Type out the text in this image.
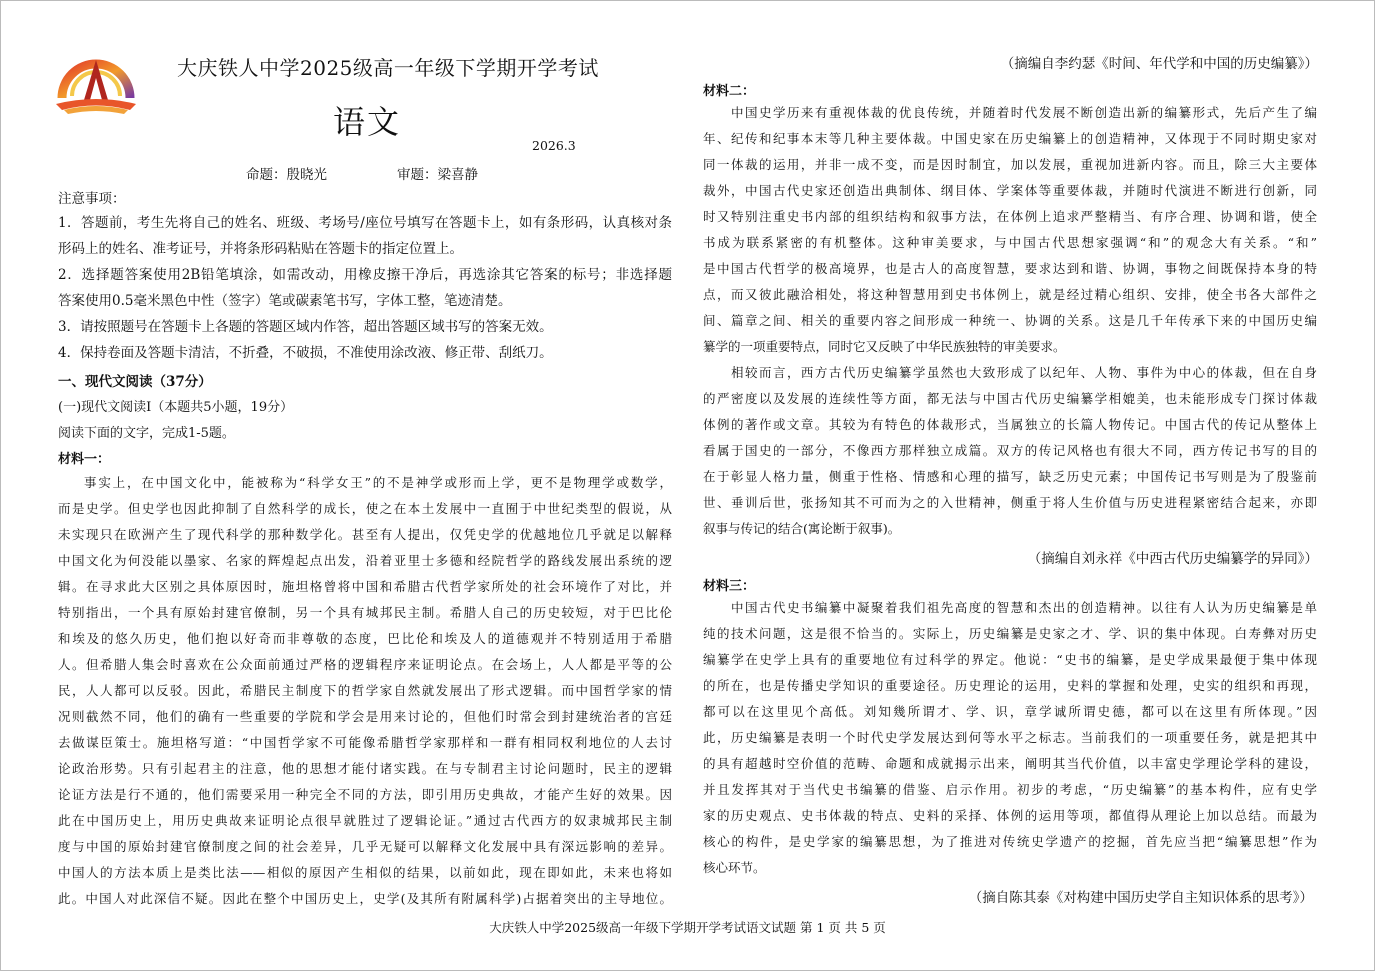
大庆铁人中学2025级高一年级下学期开学考试
语文
2026.3
命题：殷晓光	审题：梁喜静
注意事项：
1．答题前，考生先将自己的姓名、班级、考场号/座位号填写在答题卡上，如有条形码，认真核对条
形码上的姓名、准考证号，并将条形码粘贴在答题卡的指定位置上。
2．选择题答案使用2B铅笔填涂，如需改动，用橡皮擦干净后，再选涂其它答案的标号；非选择题
答案使用0.5毫米黑色中性（签字）笔或碳素笔书写，字体工整，笔迹清楚。
3．请按照题号在答题卡上各题的答题区域内作答，超出答题区域书写的答案无效。
4．保持卷面及答题卡清洁，不折叠，不破损，不准使用涂改液、修正带、刮纸刀。
一、现代文阅读（37分）
(一)现代文阅读Ⅰ（本题共5小题，19分）
阅读下面的文字，完成1-5题。
材料一：
事实上，在中国文化中，能被称为“科学女王”的不是神学或形而上学，更不是物理学或数学，
而是史学。但史学也因此抑制了自然科学的成长，使之在本土发展中一直囿于中世纪类型的假说，从
未实现只在欧洲产生了现代科学的那种数学化。甚至有人提出，仅凭史学的优越地位几乎就足以解释
中国文化为何没能以墨家、名家的辉煌起点出发，沿着亚里士多德和经院哲学的路线发展出系统的逻
辑。在寻求此大区别之具体原因时，施坦格曾将中国和希腊古代哲学家所处的社会环境作了对比，并
特别指出，一个具有原始封建官僚制，另一个具有城邦民主制。希腊人自己的历史较短，对于巴比伦
和埃及的悠久历史，他们抱以好奇而非尊敬的态度，巴比伦和埃及人的道德观并不特别适用于希腊
人。但希腊人集会时喜欢在公众面前通过严格的逻辑程序来证明论点。在会场上，人人都是平等的公
民，人人都可以反驳。因此，希腊民主制度下的哲学家自然就发展出了形式逻辑。而中国哲学家的情
况则截然不同，他们的确有一些重要的学院和学会是用来讨论的，但他们时常会到封建统治者的宫廷
去做谋臣策士。施坦格写道：“中国哲学家不可能像希腊哲学家那样和一群有相同权利地位的人去讨
论政治形势。只有引起君主的注意，他的思想才能付诸实践。在与专制君主讨论问题时，民主的逻辑
论证方法是行不通的，他们需要采用一种完全不同的方法，即引用历史典故，才能产生好的效果。因
此在中国历史上，用历史典故来证明论点很早就胜过了逻辑论证。”通过古代西方的奴隶城邦民主制
度与中国的原始封建官僚制度之间的社会差异，几乎无疑可以解释文化发展中具有深远影响的差异。
中国人的方法本质上是类比法——相似的原因产生相似的结果，以前如此，现在即如此，未来也将如
此。中国人对此深信不疑。因此在整个中国历史上，史学(及其所有附属科学)占据着突出的主导地位。
（摘编自李约瑟《时间、年代学和中国的历史编纂》）
材料二：
中国史学历来有重视体裁的优良传统，并随着时代发展不断创造出新的编纂形式，先后产生了编
年、纪传和纪事本末等几种主要体裁。中国史家在历史编纂上的创造精神，又体现于不同时期史家对
同一体裁的运用，并非一成不变，而是因时制宜，加以发展，重视加进新内容。而且，除三大主要体
裁外，中国古代史家还创造出典制体、纲目体、学案体等重要体裁，并随时代演进不断进行创新，同
时又特别注重史书内部的组织结构和叙事方法，在体例上追求严整精当、有序合理、协调和谐，使全
书成为联系紧密的有机整体。这种审美要求，与中国古代思想家强调“和”的观念大有关系。“和”
是中国古代哲学的极高境界，也是古人的高度智慧，要求达到和谐、协调，事物之间既保持本身的特
点，而又彼此融洽相处，将这种智慧用到史书体例上，就是经过精心组织、安排，使全书各大部件之
间、篇章之间、相关的重要内容之间形成一种统一、协调的关系。这是几千年传承下来的中国历史编
纂学的一项重要特点，同时它又反映了中华民族独特的审美要求。
相较而言，西方古代历史编纂学虽然也大致形成了以纪年、人物、事件为中心的体裁，但在自身
的严密度以及发展的连续性等方面，都无法与中国古代历史编纂学相媲美，也未能形成专门探讨体裁
体例的著作或文章。其较为有特色的体裁形式，当属独立的长篇人物传记。中国古代的传记从整体上
看属于国史的一部分，不像西方那样独立成篇。双方的传记风格也有很大不同，西方传记书写的目的
在于彰显人格力量，侧重于性格、情感和心理的描写，缺乏历史元素；中国传记书写则是为了殷鉴前
世、垂训后世，张扬知其不可而为之的入世精神，侧重于将人生价值与历史进程紧密结合起来，亦即
叙事与传记的结合(寓论断于叙事)。
（摘编自刘永祥《中西古代历史编纂学的异同》）
材料三：
中国古代史书编纂中凝聚着我们祖先高度的智慧和杰出的创造精神。以往有人认为历史编纂是单
纯的技术问题，这是很不恰当的。实际上，历史编纂是史家之才、学、识的集中体现。白寿彝对历史
编纂学在史学上具有的重要地位有过科学的界定。他说：“史书的编纂，是史学成果最便于集中体现
的所在，也是传播史学知识的重要途径。历史理论的运用，史料的掌握和处理，史实的组织和再现，
都可以在这里见个高低。刘知幾所谓才、学、识，章学诚所谓史德，都可以在这里有所体现。”因
此，历史编纂是表明一个时代史学发展达到何等水平之标志。当前我们的一项重要任务，就是把其中
的具有超越时空价值的范畴、命题和成就揭示出来，阐明其当代价值，以丰富史学理论学科的建设，
并且发挥其对于当代史书编纂的借鉴、启示作用。初步的考虑，“历史编纂”的基本构件，应有史学
家的历史观点、史书体裁的特点、史料的采择、体例的运用等项，都值得从理论上加以总结。而最为
核心的构件，是史学家的编纂思想，为了推进对传统史学遗产的挖掘，首先应当把“编纂思想”作为
核心环节。
（摘自陈其泰《对构建中国历史学自主知识体系的思考》）
大庆铁人中学2025级高一年级下学期开学考试语文试题 第 1 页 共 5 页
